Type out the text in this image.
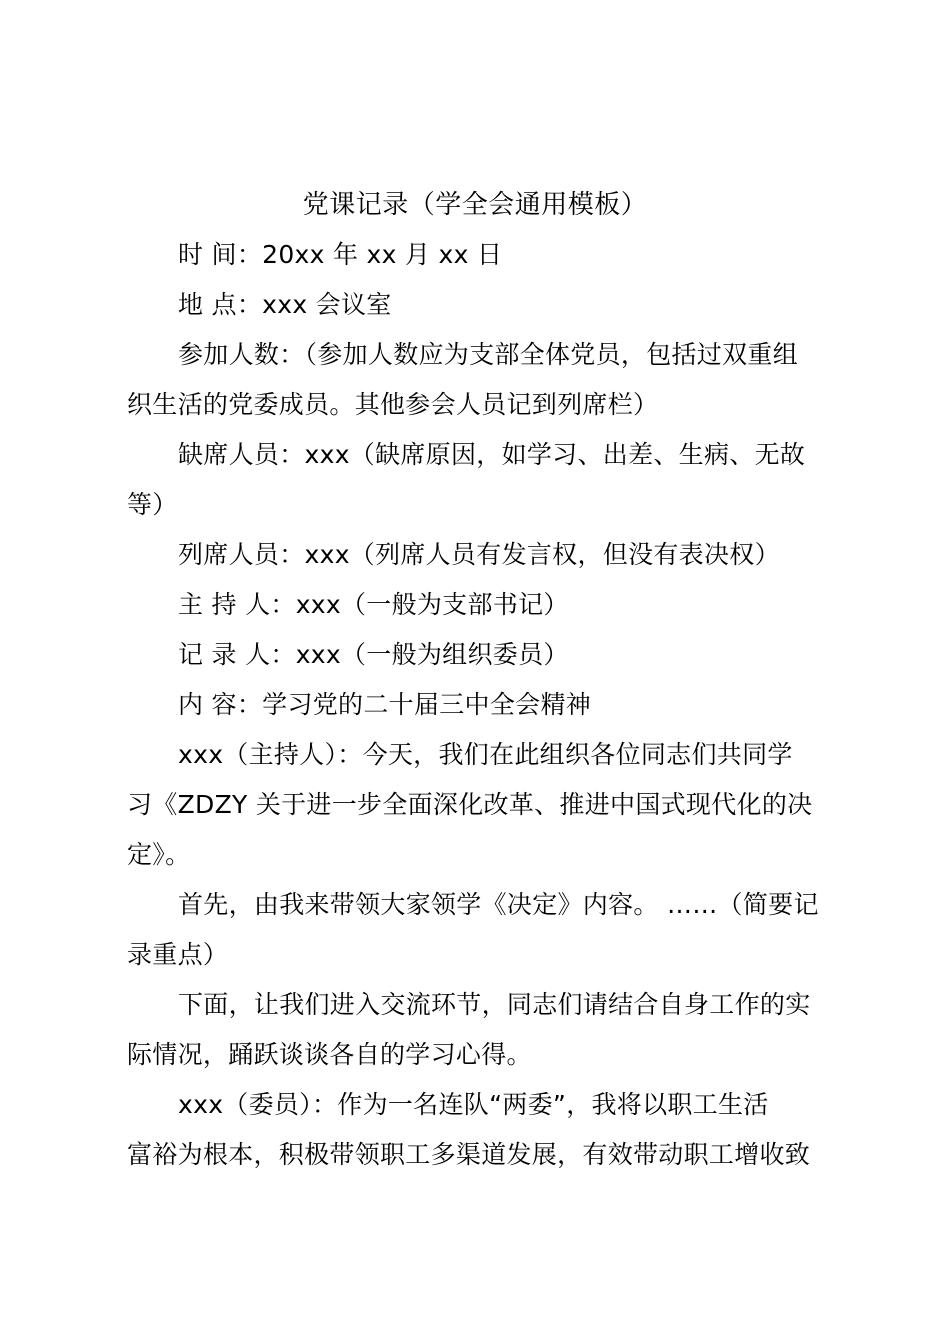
党课记录（学全会通用模板）
时 间：20xx 年 xx 月 xx 日
地 点：xxx 会议室
参加人数：（参加人数应为支部全体党员，包括过双重组
织生活的党委成员。其他参会人员记到列席栏）
缺席人员：xxx（缺席原因，如学习、出差、生病、无故
等）
列席人员：xxx（列席人员有发言权，但没有表决权）
主 持 人：xxx（一般为支部书记）
记 录 人：xxx（一般为组织委员）
内 容：学习党的二十届三中全会精神
xxx（主持人）：今天，我们在此组织各位同志们共同学
习《ZDZY 关于进一步全面深化改革、推进中国式现代化的决
定》。
首先，由我来带领大家领学《决定》内容。 ……（简要记
录重点）
下面，让我们进入交流环节，同志们请结合自身工作的实
际情况，踊跃谈谈各自的学习心得。
xxx（委员）：作为一名连队“两委”，我将以职工生活
富裕为根本，积极带领职工多渠道发展，有效带动职工增收致
